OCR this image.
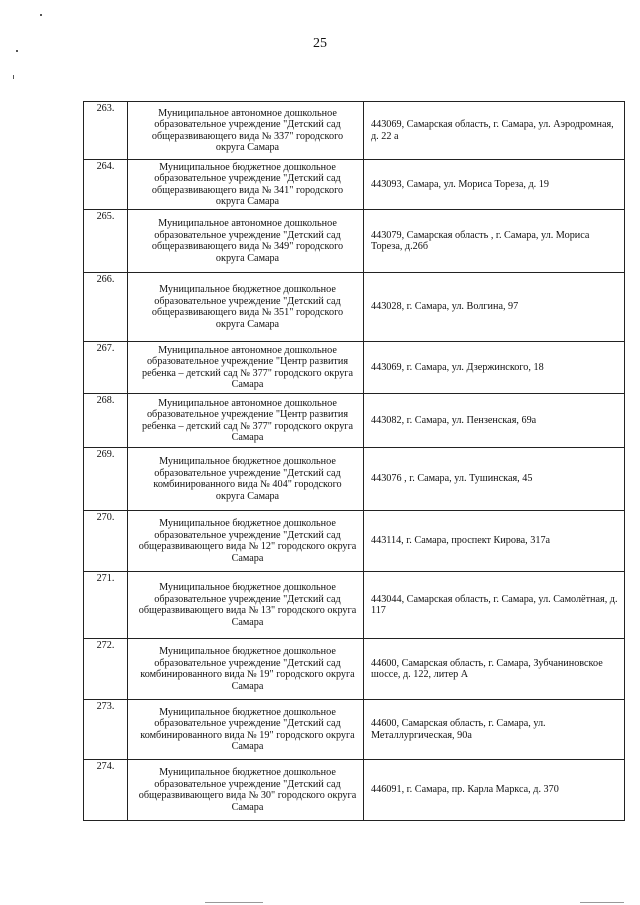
25
263.	Муниципальное автономное дошкольное образовательное учреждение "Детский сад общеразвивающего вида № 337" городского округа Самара	443069, Самарская область, г. Самара, ул. Аэродромная, д. 22 а
264.	Муниципальное бюджетное дошкольное образовательное учреждение "Детский сад общеразвивающего вида № 341" городского округа Самара	443093, Самара, ул. Мориса Тореза, д. 19
265.	Муниципальное автономное дошкольное образовательное учреждение "Детский сад общеразвивающего вида № 349" городского округа Самара	443079, Самарская область , г. Самара, ул. Мориса Тореза, д.26б
266.	Муниципальное бюджетное дошкольное образовательное учреждение "Детский сад общеразвивающего вида № 351" городского округа Самара	443028, г. Самара, ул. Волгина, 97
267.	Муниципальное автономное дошкольное образовательное учреждение "Центр развития ребенка – детский сад № 377" городского округа Самара	443069, г. Самара, ул. Дзержинского, 18
268.	Муниципальное автономное дошкольное образовательное учреждение "Центр развития ребенка – детский сад № 377" городского округа Самара	443082, г. Самара, ул. Пензенская, 69а
269.	Муниципальное бюджетное дошкольное образовательное учреждение "Детский сад комбинированного вида № 404" городского округа Самара	443076 , г. Самара, ул. Тушинская, 45
270.	Муниципальное бюджетное дошкольное образовательное учреждение "Детский сад общеразвивающего вида № 12" городского округа Самара	443114, г. Самара, проспект Кирова, 317а
271.	Муниципальное бюджетное дошкольное образовательное учреждение "Детский сад общеразвивающего вида № 13" городского округа Самара	443044, Самарская область, г. Самара, ул. Самолётная, д. 117
272.	Муниципальное бюджетное дошкольное образовательное учреждение "Детский сад комбинированного вида № 19" городского округа Самара	44600, Самарская область, г. Самара, Зубчаниновское шоссе, д. 122, литер А
273.	Муниципальное бюджетное дошкольное образовательное учреждение "Детский сад комбинированного вида № 19" городского округа Самара	44600, Самарская область, г. Самара, ул. Металлургическая, 90а
274.	Муниципальное бюджетное дошкольное образовательное учреждение "Детский сад общеразвивающего вида № 30" городского округа Самара	446091, г. Самара, пр. Карла Маркса, д. 370
